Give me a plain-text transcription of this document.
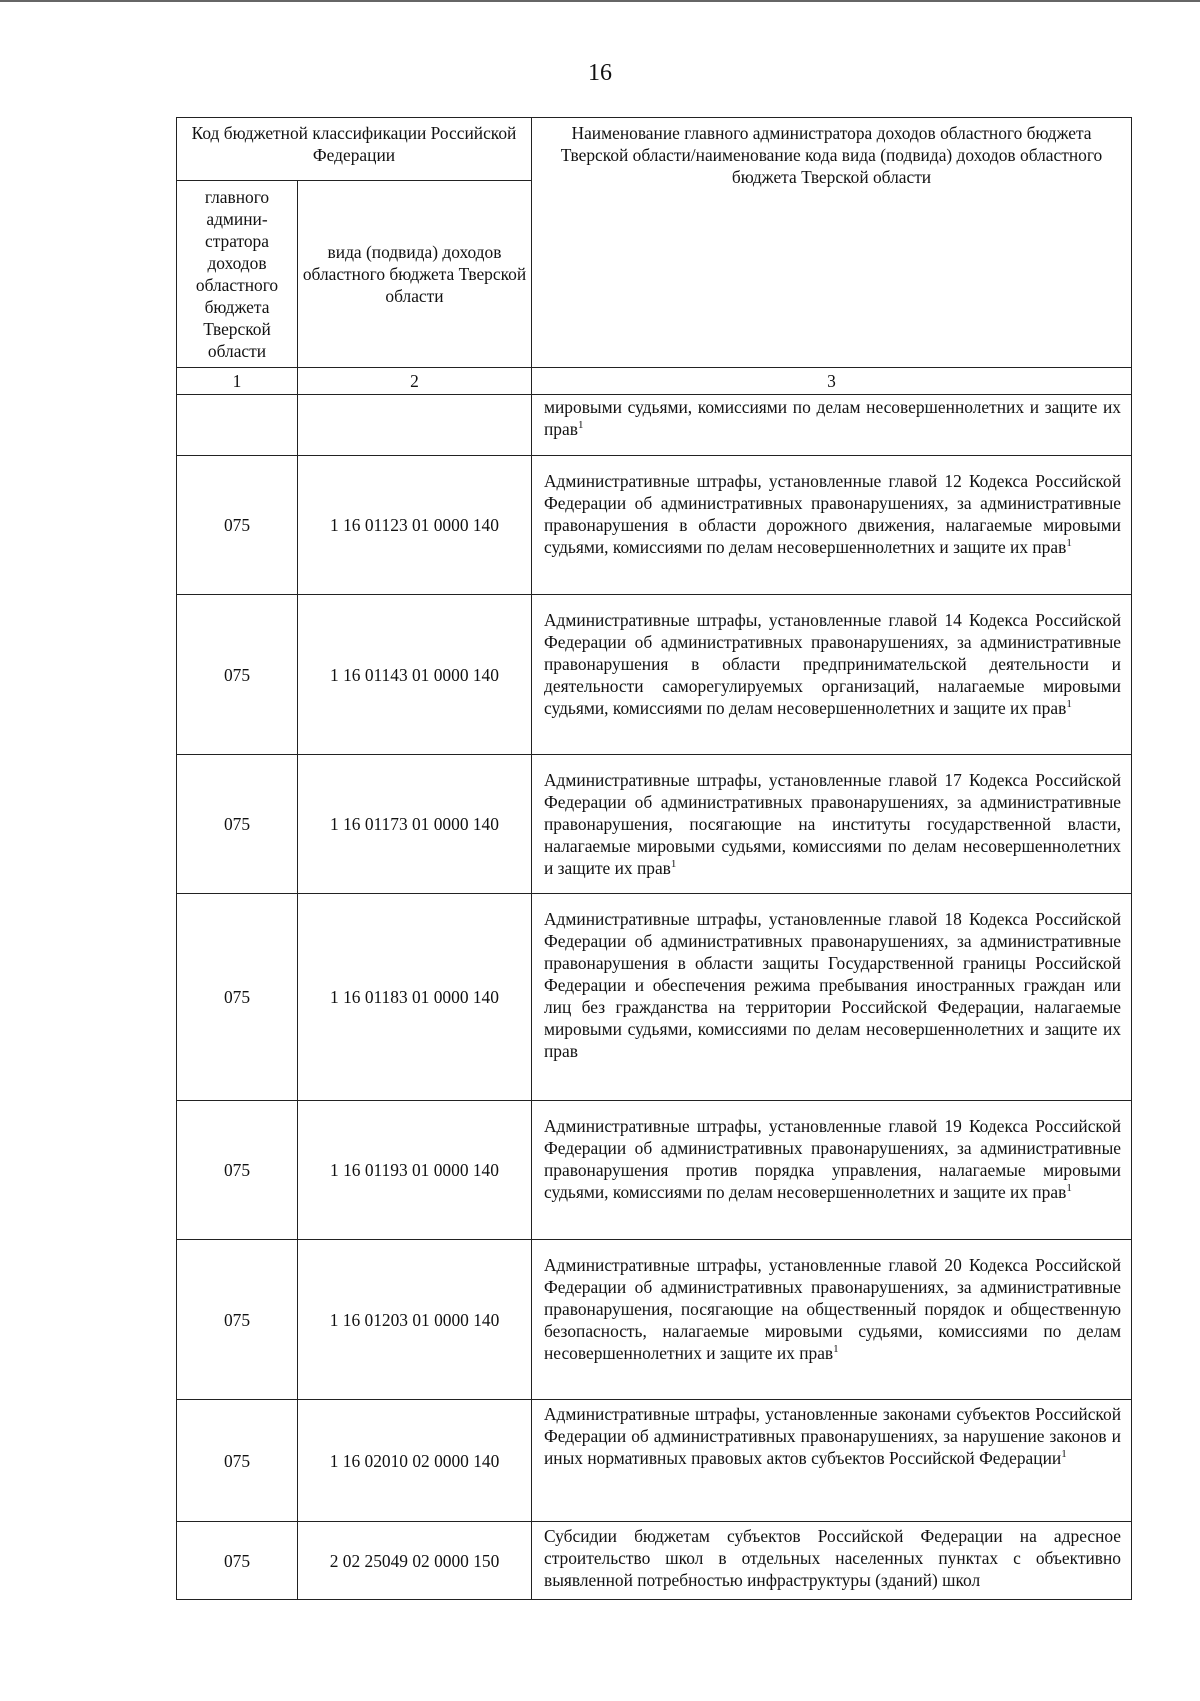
16
Код бюджетной классификации Российской Федерации		Наименование главного администратора доходов областного бюджета Тверской области/наименование кода вида (подвида) доходов областного бюджета Тверской области
главного админи-стратора доходов областного бюджета Тверской области	вида (подвида) доходов областного бюджета Тверской области	
1	2	3
		мировыми судьями, комиссиями по делам несовершеннолетних и защите их прав$^1$
075	1 16 01123 01 0000 140	Административные штрафы, установленные главой 12 Кодекса Российской Федерации об административных правонарушениях, за административные правонарушения в области дорожного движения, налагаемые мировыми судьями, комиссиями по делам несовершеннолетних и защите их прав$^1$
075	1 16 01143 01 0000 140	Административные штрафы, установленные главой 14 Кодекса Российской Федерации об административных правонарушениях, за административные правонарушения в области предпринимательской деятельности и деятельности саморегулируемых организаций, налагаемые мировыми судьями, комиссиями по делам несовершеннолетних и защите их прав$^1$
075	1 16 01173 01 0000 140	Административные штрафы, установленные главой 17 Кодекса Российской Федерации об административных правонарушениях, за административные правонарушения, посягающие на институты государственной власти, налагаемые мировыми судьями, комиссиями по делам несовершеннолетних и защите их прав$^1$
075	1 16 01183 01 0000 140	Административные штрафы, установленные главой 18 Кодекса Российской Федерации об административных правонарушениях, за административные правонарушения в области защиты Государственной границы Российской Федерации и обеспечения режима пребывания иностранных граждан или лиц без гражданства на территории Российской Федерации, налагаемые мировыми судьями, комиссиями по делам несовершеннолетних и защите их прав
075	1 16 01193 01 0000 140	Административные штрафы, установленные главой 19 Кодекса Российской Федерации об административных правонарушениях, за административные правонарушения против порядка управления, налагаемые мировыми судьями, комиссиями по делам несовершеннолетних и защите их прав$^1$
075	1 16 01203 01 0000 140	Административные штрафы, установленные главой 20 Кодекса Российской Федерации об административных правонарушениях, за административные правонарушения, посягающие на общественный порядок и общественную безопасность, налагаемые мировыми судьями, комиссиями по делам несовершеннолетних и защите их прав$^1$
075	1 16 02010 02 0000 140	Административные штрафы, установленные законами субъектов Российской Федерации об административных правонарушениях, за нарушение законов и иных нормативных правовых актов субъектов Российской Федерации$^1$
075	2 02 25049 02 0000 150	Субсидии бюджетам субъектов Российской Федерации на адресное строительство школ в отдельных населенных пунктах с объективно выявленной потребностью инфраструктуры (зданий) школ
